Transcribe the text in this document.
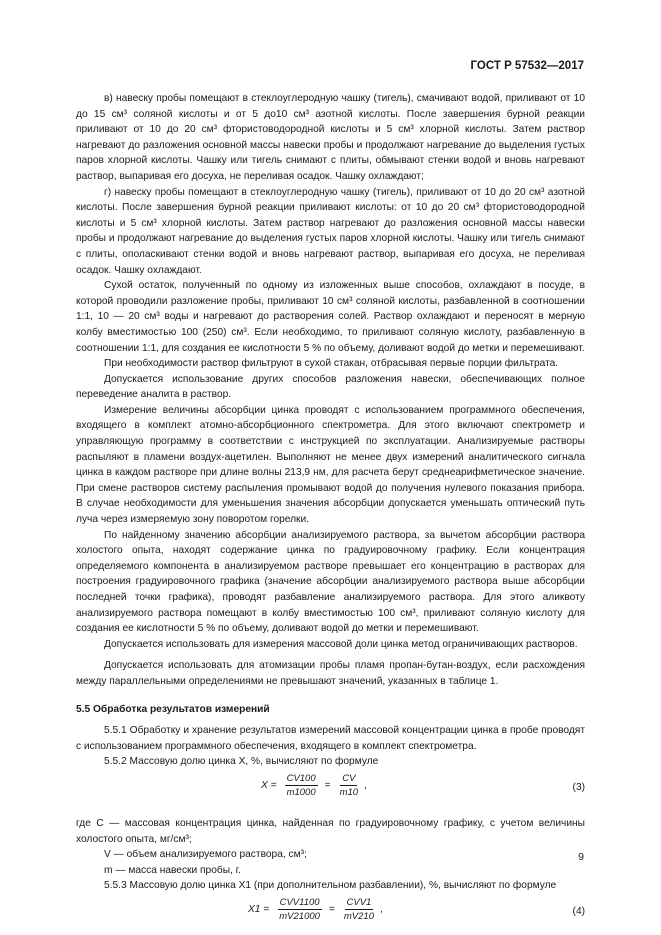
ГОСТ Р 57532—2017

в) навеску пробы помещают в стеклоуглеродную чашку (тигель), смачивают водой, приливают от 10 до 15 см³ соляной кислоты и от 5 до10 см³ азотной кислоты. После завершения бурной реакции приливают от 10 до 20 см³ фтористоводородной кислоты и 5 см³ хлорной кислоты. Затем раствор нагревают до разложения основной массы навески пробы и продолжают нагревание до выделения густых паров хлорной кислоты. Чашку или тигель снимают с плиты, обмывают стенки водой и вновь нагревают раствор, выпаривая его досуха, не переливая осадок. Чашку охлаждают;

г) навеску пробы помещают в стеклоуглеродную чашку (тигель), приливают от 10 до 20 см³ азотной кислоты. После завершения бурной реакции приливают кислоты: от 10 до 20 см³ фтористоводородной кислоты и 5 см³ хлорной кислоты. Затем раствор нагревают до разложения основной массы навески пробы и продолжают нагревание до выделения густых паров хлорной кислоты. Чашку или тигель снимают с плиты, ополаскивают стенки водой и вновь нагревают раствор, выпаривая его досуха, не переливая осадок. Чашку охлаждают.

Сухой остаток, полученный по одному из изложенных выше способов, охлаждают в посуде, в которой проводили разложение пробы, приливают 10 см³ соляной кислоты, разбавленной в соотношении 1:1, 10 — 20 см³ воды и нагревают до растворения солей. Раствор охлаждают и переносят в мерную колбу вместимостью 100 (250) см³. Если необходимо, то приливают соляную кислоту, разбавленную в соотношении 1:1, для создания ее кислотности 5 % по объему, доливают водой до метки и перемешивают.

При необходимости раствор фильтруют в сухой стакан, отбрасывая первые порции фильтрата.

Допускается использование других способов разложения навески, обеспечивающих полное переведение аналита в раствор.

Измерение величины абсорбции цинка проводят с использованием программного обеспечения, входящего в комплект атомно-абсорбционного спектрометра. Для этого включают спектрометр и управляющую программу в соответствии с инструкцией по эксплуатации. Анализируемые растворы распыляют в пламени воздух-ацетилен. Выполняют не менее двух измерений аналитического сигнала цинка в каждом растворе при длине волны 213,9 нм, для расчета берут среднеарифметическое значение. При смене растворов систему распыления промывают водой до получения нулевого показания прибора. В случае необходимости для уменьшения значения абсорбции допускается уменьшать оптический путь луча через измеряемую зону поворотом горелки.

По найденному значению абсорбции анализируемого раствора, за вычетом абсорбции раствора холостого опыта, находят содержание цинка по градуировочному графику. Если концентрация определяемого компонента в анализируемом растворе превышает его концентрацию в растворах для построения градуировочного графика (значение абсорбции анализируемого раствора выше абсорбции последней точки графика), проводят разбавление анализируемого раствора. Для этого аликвоту анализируемого раствора помещают в колбу вместимостью 100 см³, приливают соляную кислоту для создания ее кислотности 5 % по объему, доливают водой до метки и перемешивают.

Допускается использовать для измерения массовой доли цинка метод ограничивающих растворов.

Допускается использовать для атомизации пробы пламя пропан-бутан-воздух, если расхождения между параллельными определениями не превышают значений, указанных в таблице 1.

5.5 Обработка результатов измерений

5.5.1 Обработку и хранение результатов измерений массовой концентрации цинка в пробе проводят с использованием программного обеспечения, входящего в комплект спектрометра.

5.5.2 Массовую долю цинка X, %, вычисляют по формуле

$X = \frac{CV100}{m1000} = \frac{CV}{m10}$ ,	(3)

где C — массовая концентрация цинка, найденная по градуировочному графику, с учетом величины холостого опыта, мг/см³;

V — объем анализируемого раствора, см³;

m — масса навески пробы, г.

5.5.3 Массовую долю цинка X1 (при дополнительном разбавлении), %, вычисляют по формуле

$X1 = \frac{\text{CVV1100}}{mV21000} = \frac{\text{CVV1}}{mV210}$ ,	(4)
9
